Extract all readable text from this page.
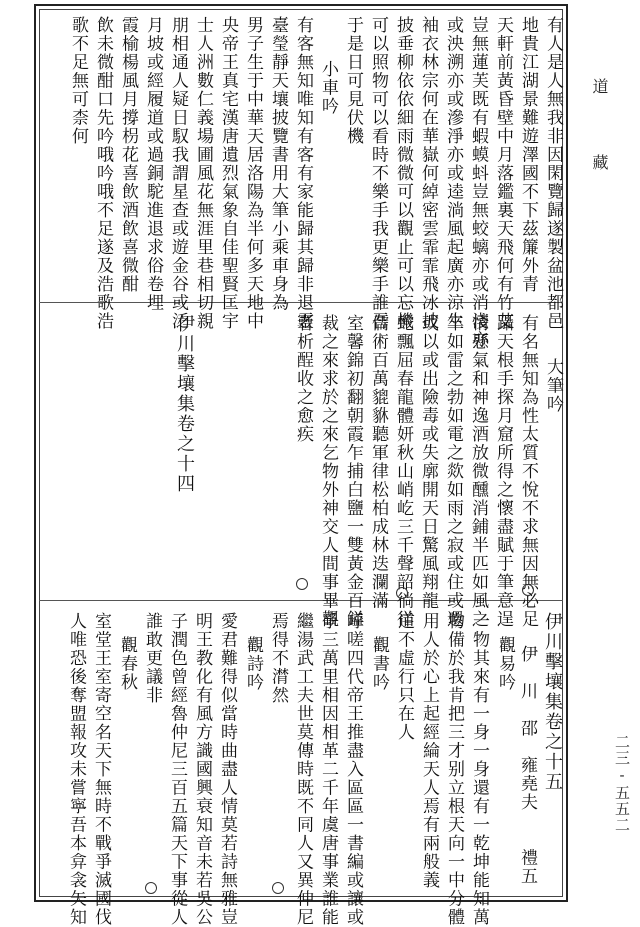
道　藏
二三-五五二
伊川擊壤集卷之十五
伊　川　邵　雍堯夫　　禮五
觀易吟
一物其來有一身一身還有一乾坤能知萬
物備於我肯把三才别立根天向一中分體
用人於心上起經綸天人焉有兩般義
道不虛行只在人
觀書吟
呼嗟四代帝王推盡入區區一書編或讓或
爭三萬里相因相革二千年虞唐事業誰能
繼湯武工夫世莫傳時既不同人又異仲尼
焉得不潸然
觀詩吟
愛君難得似當時曲盡人情莫若詩無雅豈
明王教化有風方識國興衰知音未若吳公
子潤色曾經魯仲尼三百五篇天下事從人
誰敢更議非
觀春秋
室堂王室寄空名天下無時不戰爭滅國伐
人唯恐後奪盟報攻未嘗寧吾本弇衾矢知
大筆吟
有名無知為性太質不悅不求無因無必足
躡天根手探月窟所得之懷盡賦于筆意逞
情懸氣和神逸酒放微醺消鋪半匹如風之
卒如雷之勃如電之欻如雨之寂或住或還
或以或出險毒或失廓開天日驚風翔龍
蛇飄屈春龍體妍秋山峭屹三千聲韶徜徉
儒術百萬貔貅聽軍律松柏成林迭瀾滿
室馨錦初翻朝霞乍捕白鹽一雙黃金百鎰
裁之來求於之來乞物外神交人間事畢觀
者析酲收之愈疾
伊川擊壤集卷之十四
有人是人無我非因閑覽歸遂製盆池都邑
地貴江湖景難遊澤國不下茲簾外青
天軒前黃昏壁中月落鑑裏天飛何有竹艾
豈無蓮芙既有蝦蟆蚪豈無蛟螭亦或消淺亦
或泱溯亦或滲淨亦或逵淌風起廣亦涼生
袖衣林宗何在華嶽何綽密雲霏霏飛冰披
披垂柳依依細雨微微可以觀止可以忘機
可以照物可以看時不樂手我更樂手誰吾
于是日可見伏機
小車吟
有客無知唯知有客有家能歸其歸非退靈
臺瑩靜天壤披覽書用大筆小乘車身為
男子生于中華天居洛陽為半何多天地中
央帝王真宅漢唐遺烈氣象自佳聖賢匡宇
士人洲數仁義場圃風花無涯里巷相切親
朋相通人疑日馭我謂星查或遊金谷或泛
月坡或經履道或過銅駝進退求俗卷埋
霞榆楊風月撐枴花喜飲酒飲喜微酣
飲未微酣口先吟哦吟哦不足遂及浩歌浩
歌不足無可柰何
